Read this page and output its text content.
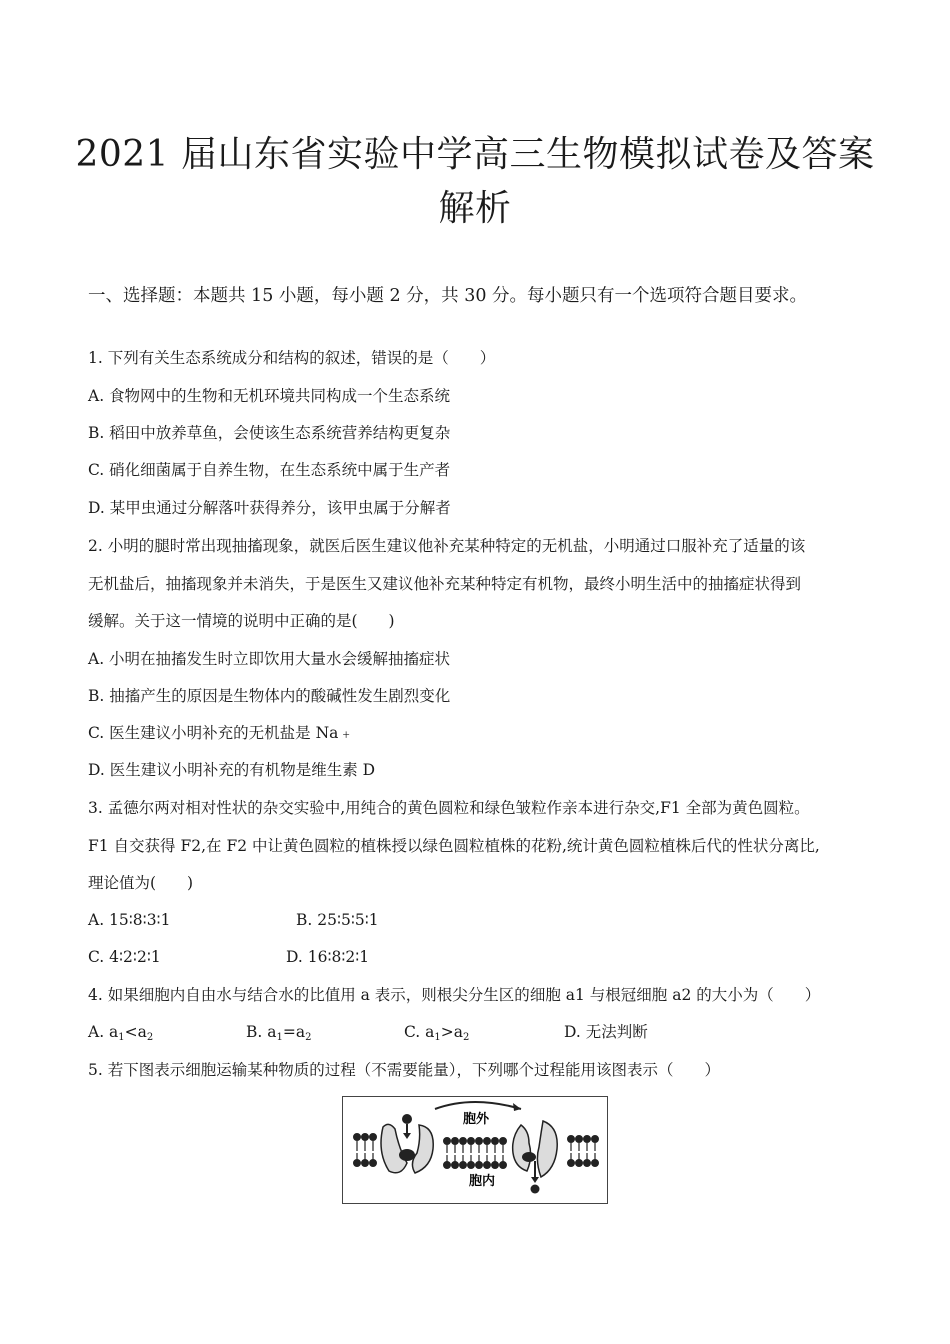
2021 届山东省实验中学高三生物模拟试卷及答案
解析
一、选择题：本题共 15 小题，每小题 2 分，共 30 分。每小题只有一个选项符合题目要求。
1. 下列有关生态系统成分和结构的叙述，错误的是（　　）
A. 食物网中的生物和无机环境共同构成一个生态系统
B. 稻田中放养草鱼，会使该生态系统营养结构更复杂
C. 硝化细菌属于自养生物，在生态系统中属于生产者
D. 某甲虫通过分解落叶获得养分，该甲虫属于分解者
2. 小明的腿时常出现抽搐现象，就医后医生建议他补充某种特定的无机盐，小明通过口服补充了适量的该
无机盐后，抽搐现象并未消失，于是医生又建议他补充某种特定有机物，最终小明生活中的抽搐症状得到
缓解。关于这一情境的说明中正确的是(　　)
A. 小明在抽搐发生时立即饮用大量水会缓解抽搐症状
B. 抽搐产生的原因是生物体内的酸碱性发生剧烈变化
C. 医生建议小明补充的无机盐是 Na﹢
D. 医生建议小明补充的有机物是维生素 D
3. 孟德尔两对相对性状的杂交实验中,用纯合的黄色圆粒和绿色皱粒作亲本进行杂交,F1 全部为黄色圆粒。
F1 自交获得 F2,在 F2 中让黄色圆粒的植株授以绿色圆粒植株的花粉,统计黄色圆粒植株后代的性状分离比,
理论值为(　　)
A. 15∶8∶3∶1	B. 25∶5∶5∶1
C. 4∶2∶2∶1	D. 16∶8∶2∶1
4. 如果细胞内自由水与结合水的比值用 a 表示，则根尖分生区的细胞 a1 与根冠细胞 a2 的大小为（　　）
A. $a_1<a_2$	B. $a_1=a_2$	C. $a_1>a_2$	D. 无法判断
5. 若下图表示细胞运输某种物质的过程（不需要能量），下列哪个过程能用该图表示（　　）
胞外
胞内
